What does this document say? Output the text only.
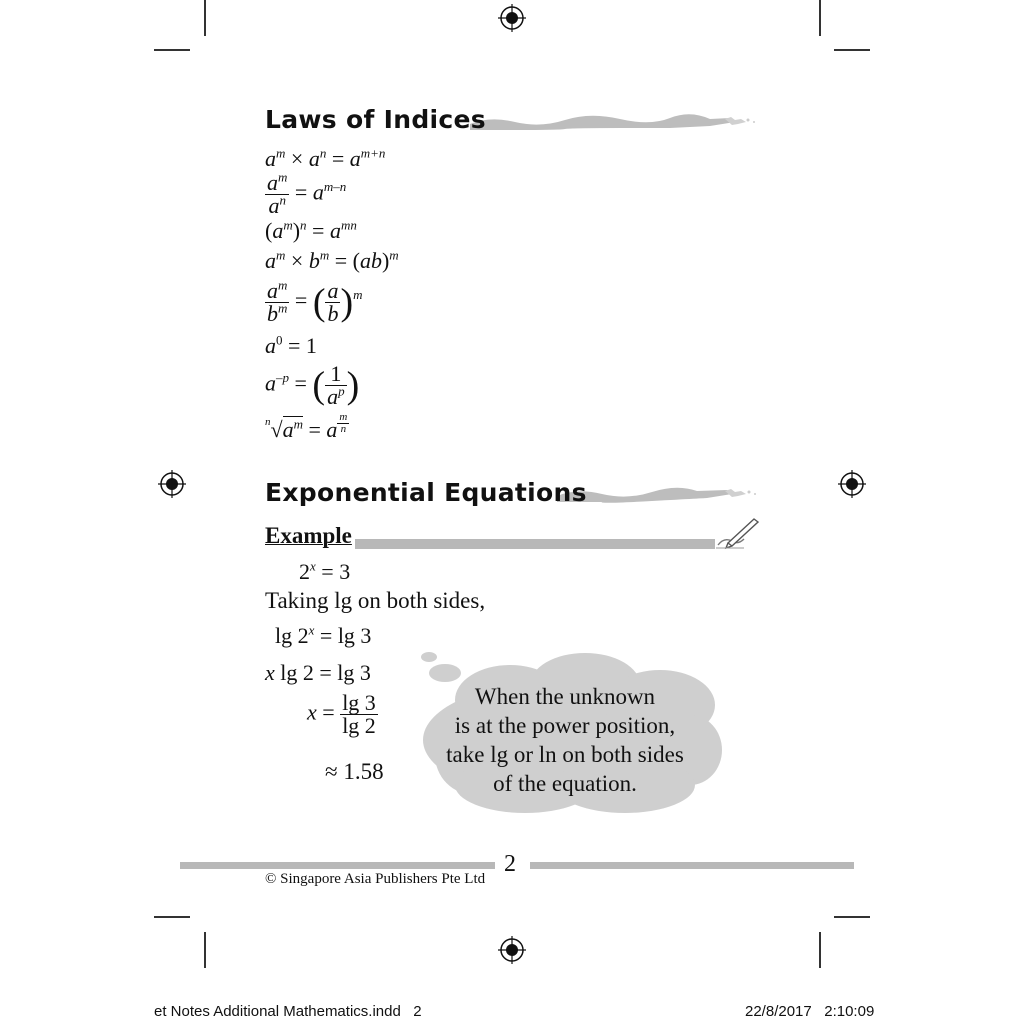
Laws of Indices
$a^m \times a^n = a^{m+n}$
$\frac{a^m}{a^n} = a^{m-n}$
$(a^m)^n = a^{mn}$
$a^m \times b^m = (ab)^m$
$\frac{a^m}{b^m}$ = ( $\frac{a}{b} )^m$
$a^0 = 1$
$a^{-p}$ = ( $\frac{1}{a^p}$ )
$^n√a^m = a \frac{m}{n}$
Exponential Equations
Example
$2^x = 3$
Taking lg on both sides,
$\lg 2^x = \lg 3$
x lg 2 = lg 3
$x = \frac{\lg 3}{\lg 2}$
≈ 1.58
When the unknown
is at the power position,
take lg or ln on both sides
of the equation.
2
© Singapore Asia Publishers Pte Ltd
et Notes Additional Mathematics.indd   2	22/8/2017   2:10:09
